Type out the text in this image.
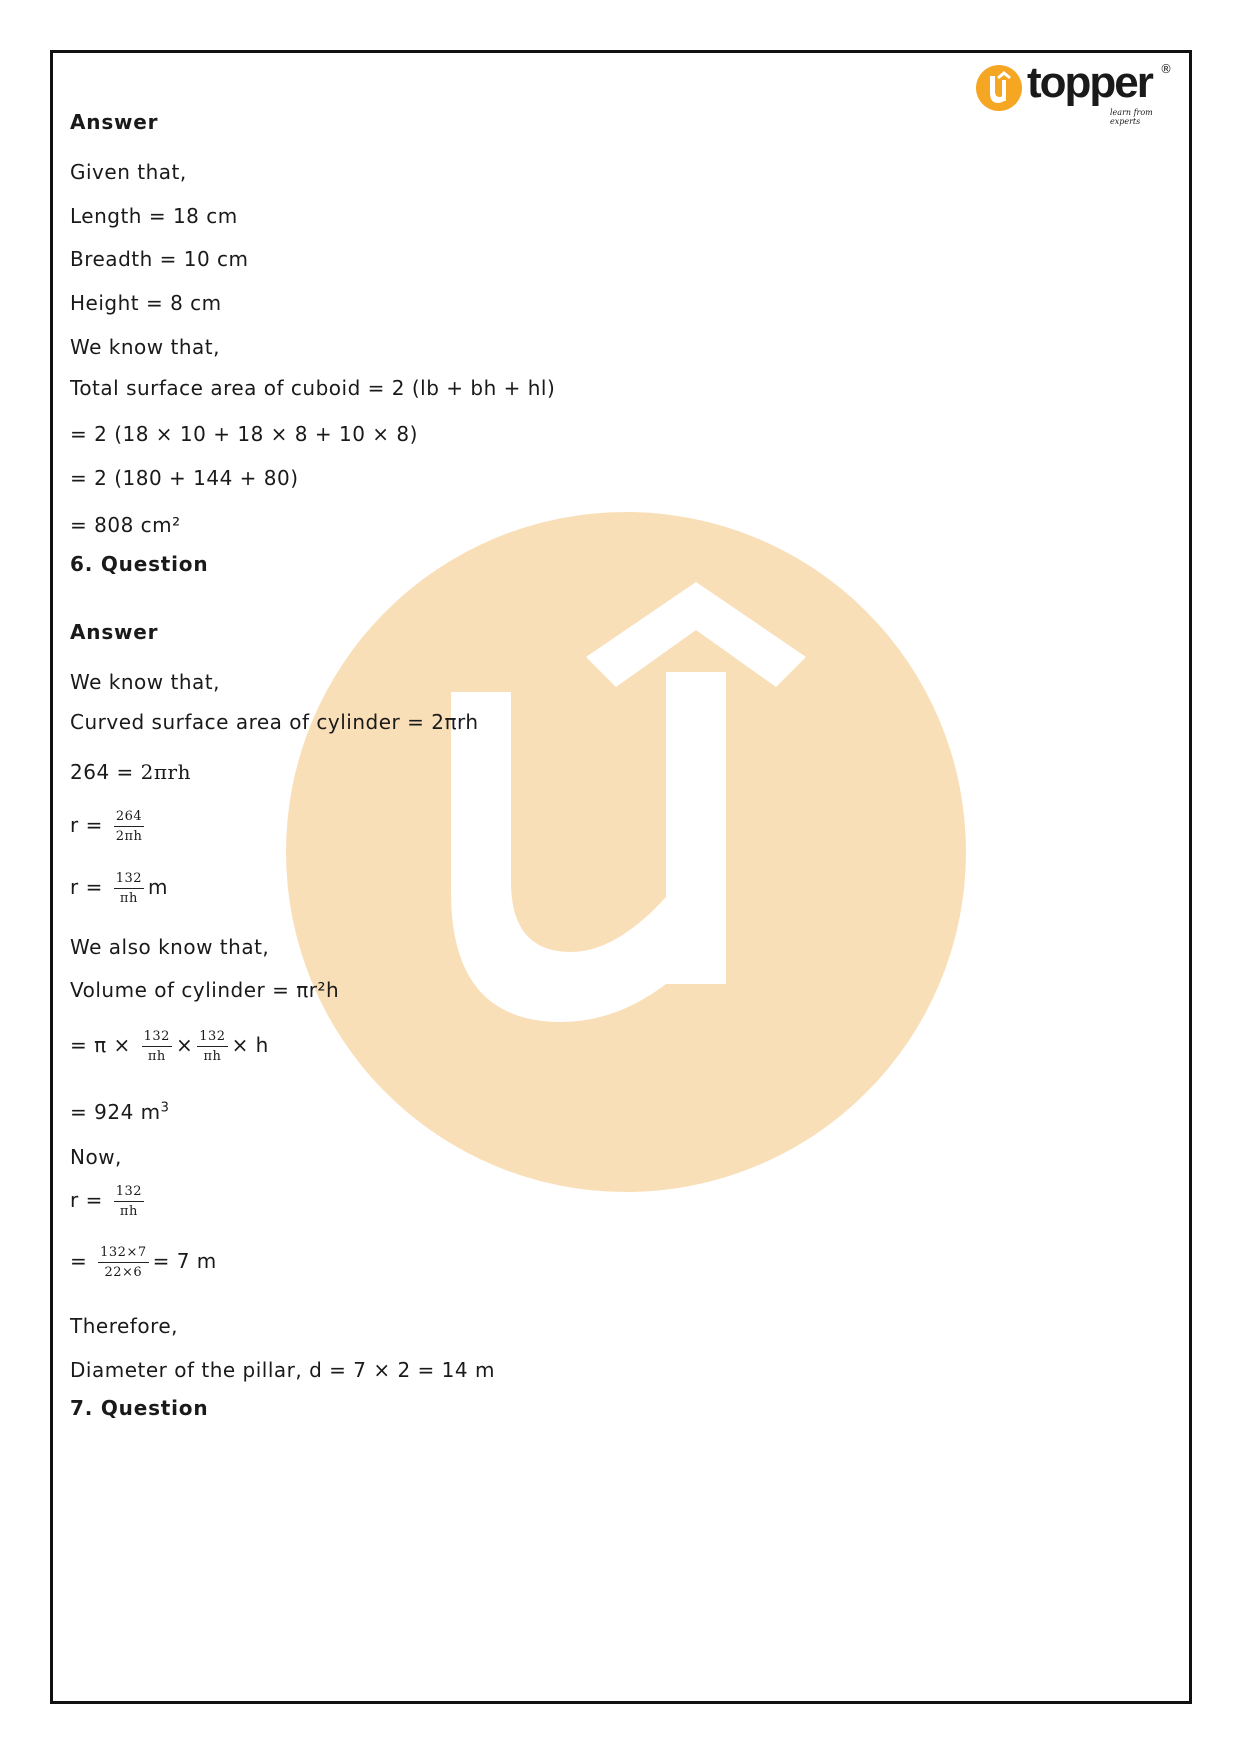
topper ®
learn from experts
Answer
Given that,
Length = 18 cm
Breadth = 10 cm
Height = 8 cm
We know that,
Total surface area of cuboid = 2 (lb + bh + hl)
= 2 (18 × 10 + 18 × 8 + 10 × 8)
= 2 (180 + 144 + 80)
= 808 cm²
6. Question
Answer
We know that,
Curved surface area of cylinder = 2πrh
264 = 2πrh
$r = \frac{264}{2\pi h}$
$r = \frac{132}{\pi h}$ m
We also know that,
Volume of cylinder = πr²h
= $\pi \times \frac{132}{\pi h} \times \frac{132}{\pi h} \times h$
= 924 $m^3$
Now,
$r = \frac{132}{\pi h}$
= $\frac{132\times 7}{22\times 6} = 7$ m
Therefore,
Diameter of the pillar, d = 7 × 2 = 14 m
7. Question
